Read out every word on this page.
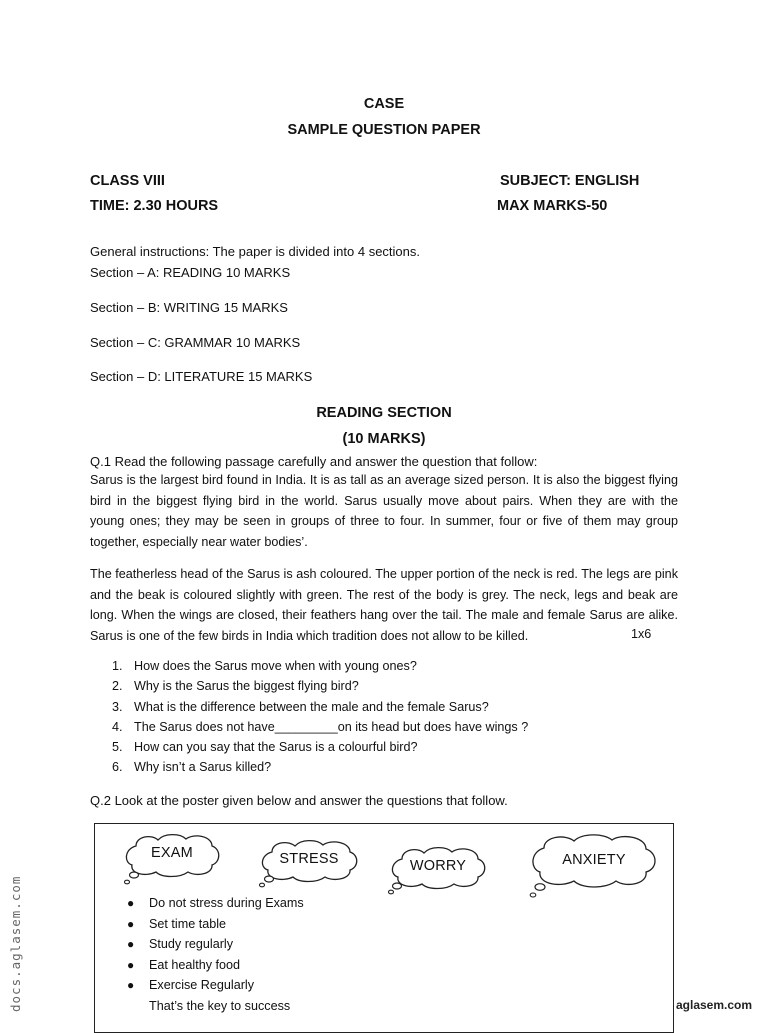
CASE
SAMPLE QUESTION PAPER
CLASS VIII	SUBJECT: ENGLISH
TIME: 2.30 HOURS	MAX MARKS-50
General instructions: The paper is divided into 4 sections.
Section – A: READING 10 MARKS
Section – B: WRITING 15 MARKS
Section – C: GRAMMAR 10 MARKS
Section – D: LITERATURE 15 MARKS
READING SECTION
(10 MARKS)
Q.1 Read the following passage carefully and answer the question that follow:
Sarus is the largest bird found in India. It is as tall as an average sized person. It is also the biggest flying
bird in the biggest flying bird in the world. Sarus usually move about pairs. When they are with the
young ones; they may be seen in groups of three to four. In summer, four or five of them may group
together, especially near water bodies’.
The featherless head of the Sarus is ash coloured. The upper portion of the neck is red. The legs are pink
and the beak is coloured slightly with green. The rest of the body is grey. The neck, legs and beak are
long. When the wings are closed, their feathers hang over the tail. The male and female Sarus are alike.
Sarus is one of the few birds in India which tradition does not allow to be killed.	1x6
1. How does the Sarus move when with young ones?
2. Why is the Sarus the biggest flying bird?
3. What is the difference between the male and the female Sarus?
4. The Sarus does not have_________on its head but does have wings ?
5. How can you say that the Sarus is a colourful bird?
6. Why isn’t a Sarus killed?
Q.2 Look at the poster given below and answer the questions that follow.
EXAM	STRESS	WORRY	ANXIETY
● Do not stress during Exams
● Set time table
● Study regularly
● Eat healthy food
● Exercise Regularly
That’s the key to success
docs.aglasem.com	aglasem.com
